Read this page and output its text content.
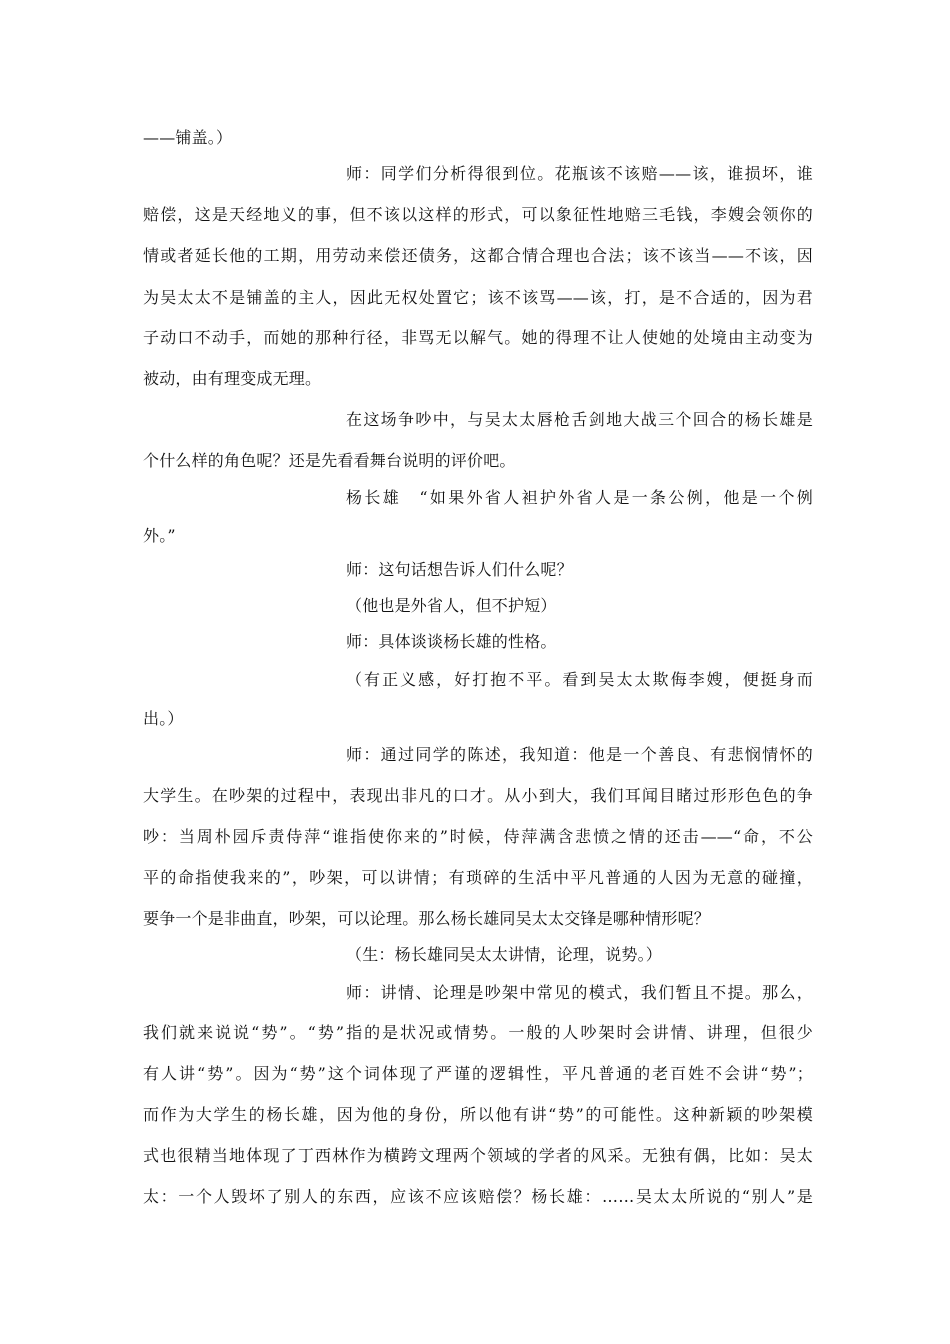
——铺盖。）
师：同学们分析得很到位。花瓶该不该赔——该，谁损坏，谁
赔偿，这是天经地义的事，但不该以这样的形式，可以象征性地赔三毛钱，李嫂会领你的
情或者延长他的工期，用劳动来偿还债务，这都合情合理也合法；该不该当——不该，因
为吴太太不是铺盖的主人，因此无权处置它；该不该骂——该，打，是不合适的，因为君
子动口不动手，而她的那种行径，非骂无以解气。她的得理不让人使她的处境由主动变为
被动，由有理变成无理。
在这场争吵中，与吴太太唇枪舌剑地大战三个回合的杨长雄是
个什么样的角色呢？还是先看看舞台说明的评价吧。
杨长雄　“如果外省人袒护外省人是一条公例，他是一个例
外。”
师：这句话想告诉人们什么呢？
（他也是外省人，但不护短）
师：具体谈谈杨长雄的性格。
（有正义感，好打抱不平。看到吴太太欺侮李嫂，便挺身而
出。）
师：通过同学的陈述，我知道：他是一个善良、有悲悯情怀的
大学生。在吵架的过程中，表现出非凡的口才。从小到大，我们耳闻目睹过形形色色的争
吵：当周朴园斥责侍萍“谁指使你来的”时候，侍萍满含悲愤之情的还击——“命，不公
平的命指使我来的”，吵架，可以讲情；有琐碎的生活中平凡普通的人因为无意的碰撞，
要争一个是非曲直，吵架，可以论理。那么杨长雄同吴太太交锋是哪种情形呢？
（生：杨长雄同吴太太讲情，论理，说势。）
师：讲情、论理是吵架中常见的模式，我们暂且不提。那么，
我们就来说说“势”。“势”指的是状况或情势。一般的人吵架时会讲情、讲理，但很少
有人讲“势”。因为“势”这个词体现了严谨的逻辑性，平凡普通的老百姓不会讲“势”；
而作为大学生的杨长雄，因为他的身份，所以他有讲“势”的可能性。这种新颖的吵架模
式也很精当地体现了丁西林作为横跨文理两个领域的学者的风采。无独有偶，比如：吴太
太：一个人毁坏了别人的东西，应该不应该赔偿？杨长雄：……吴太太所说的“别人”是
